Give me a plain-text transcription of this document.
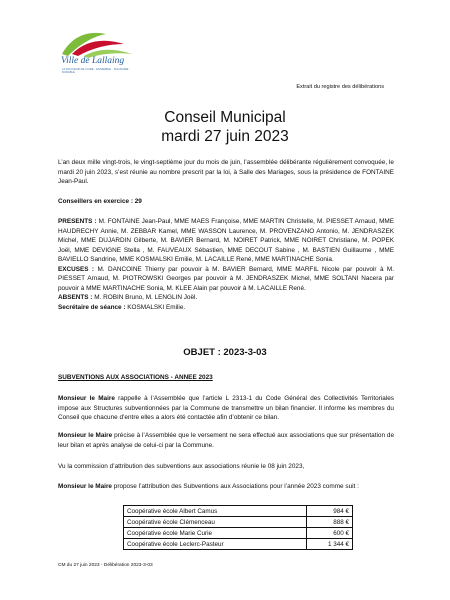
Ville de Lallaing
LA DOUCEUR DE VIVRE · ENSEMBLE · SOLIDAIRE · DURABLE
Extrait du registre des délibérations
Conseil Municipal
mardi 27 juin 2023
L’an deux mille vingt-trois, le vingt-septième jour du mois de juin, l’assemblée délibérante régulièrement convoquée, le mardi 20 juin 2023, s’est réunie au nombre prescrit par la loi, à Salle des Mariages, sous la présidence de FONTAINE Jean-Paul.
Conseillers en exercice : 29
PRESENTS : M. FONTAINE Jean-Paul, MME MAES Françoise, MME MARTIN Christelle, M. PIESSET Arnaud, MME HAUDRECHY Annie, M. ZEBBAR Kamel, MME WASSON Laurence, M. PROVENZANO Antonio, M. JENDRASZEK Michel, MME DUJARDIN Gilberte, M. BAVIER Bernard, M. NOIRET Patrick, MME NOIRET Christiane, M. POPEK Joël, MME DEVIGNE Stella , M. FAUVEAUX Sébastien, MME DECOUT Sabine , M. BASTIEN Guillaume , MME BAVIELLO Sandrine, MME KOSMALSKI Emilie, M. LACAILLE René, MME MARTINACHE Sonia.
EXCUSES : M. DANCOINE Thierry par pouvoir à M. BAVIER Bernard, MME MARFIL Nicole par pouvoir à M. PIESSET Arnaud, M. PIOTROWSKI Georges par pouvoir à M. JENDRASZEK Michel, MME SOLTANI Nacera par pouvoir à MME MARTINACHE Sonia, M. KLEE Alain par pouvoir à M. LACAILLE René.
ABSENTS : M. ROBIN Bruno, M. LENGLIN Joël.
Secrétaire de séance : KOSMALSKI Emilie.
OBJET : 2023-3-03
SUBVENTIONS AUX ASSOCIATIONS - ANNEE 2023
Monsieur le Maire rappelle à l’Assemblée que l’article L 2313-1 du Code Général des Collectivités Territoriales impose aux Structures subventionnées par la Commune de transmettre un bilan financier. Il informe les membres du Conseil que chacune d’entre elles a alors été contactée afin d’obtenir ce bilan.
Monsieur le Maire précise à l’Assemblée que le versement ne sera effectué aux associations que sur présentation de leur bilan et après analyse de celui-ci par la Commune.
Vu la commission d’attribution des subventions aux associations réunie le 08 juin 2023,
Monsieur le Maire propose l’attribution des Subventions aux Associations pour l’année 2023 comme suit :
Coopérative école Albert Camus	984 €
Coopérative école Clémenceau	888 €
Coopérative école Marie Curie	600 €
Coopérative école Leclerc-Pasteur	1 344 €
CM du 27 juin 2023 - Délibération 2023-3-03
